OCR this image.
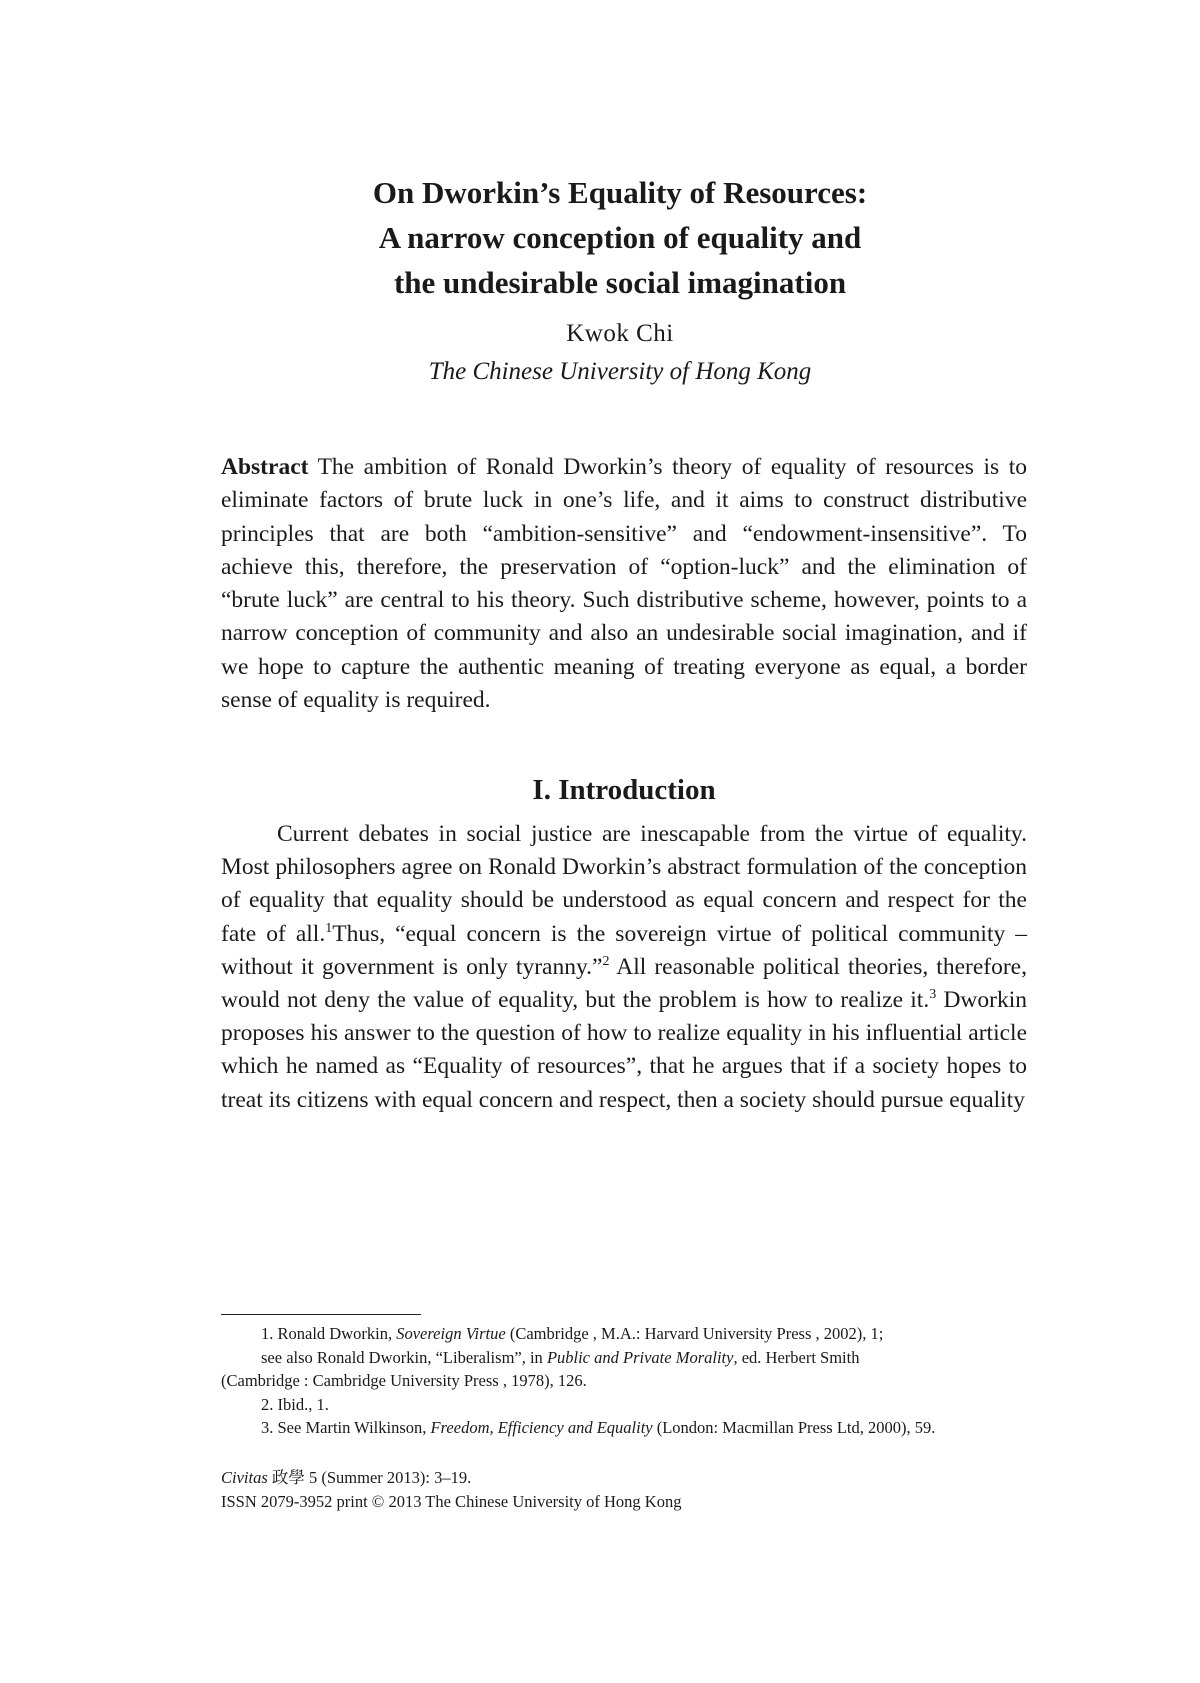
On Dworkin’s Equality of Resources:
A narrow conception of equality and
the undesirable social imagination
Kwok Chi
The Chinese University of Hong Kong
Abstract The ambition of Ronald Dworkin’s theory of equality of resources is to eliminate factors of brute luck in one’s life, and it aims to construct distributive principles that are both “ambition-sensitive” and “endowment-insensitive”. To achieve this, therefore, the preservation of “option-luck” and the elimination of “brute luck” are central to his theory. Such distributive scheme, however, points to a narrow conception of community and also an undesirable social imagination, and if we hope to capture the authentic meaning of treating everyone as equal, a border sense of equality is required.
I. Introduction
Current debates in social justice are inescapable from the virtue of equality. Most philosophers agree on Ronald Dworkin’s abstract formulation of the conception of equality that equality should be understood as equal concern and respect for the fate of all.$^1$Thus, “equal concern is the sovereign virtue of political community – without it government is only tyranny.”$^2$ All reasonable political theories, therefore, would not deny the value of equality, but the problem is how to realize it.$^3$ Dworkin proposes his answer to the question of how to realize equality in his influential article which he named as “Equality of resources”, that he argues that if a society hopes to treat its citizens with equal concern and respect, then a society should pursue equality
1. Ronald Dworkin, Sovereign Virtue (Cambridge , M.A.: Harvard University Press , 2002), 1;
see also Ronald Dworkin, “Liberalism”, in Public and Private Morality, ed. Herbert Smith
(Cambridge : Cambridge University Press , 1978), 126.
2. Ibid., 1.
3. See Martin Wilkinson, Freedom, Efficiency and Equality (London: Macmillan Press Ltd, 2000), 59.
Civitas 政學 5 (Summer 2013): 3–19.
ISSN 2079-3952 print © 2013 The Chinese University of Hong Kong
